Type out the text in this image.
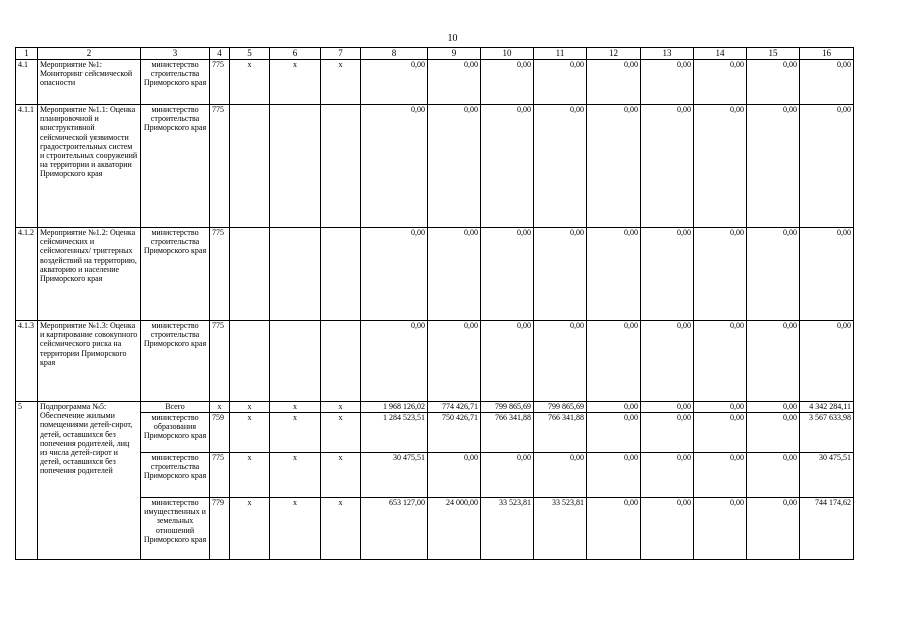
10
1	2	3	4	5	6	7	8	9	10	11	12	13	14	15	16
4.1	Мероприятие №1: Мониторинг сейсмической опасности	министерство строительства Приморского края	775	x	x	x	0,00	0,00	0,00	0,00	0,00	0,00	0,00	0,00	0,00
4.1.1	Мероприятие №1.1: Оценка планировочной и конструктивной сейсмической уязвимости градостроительных систем и строительных сооружений на территории и акватории Приморского края	министерство строительства Приморского края	775				0,00	0,00	0,00	0,00	0,00	0,00	0,00	0,00	0,00
4.1.2	Мероприятие №1.2: Оценка сейсмических и сейсмогенных/ триггерных воздействий на территорию, акваторию и население Приморского края	министерство строительства Приморского края	775				0,00	0,00	0,00	0,00	0,00	0,00	0,00	0,00	0,00
4.1.3	Мероприятие №1.3: Оценка и картирование совокупного сейсмического риска на территории Приморского края	министерство строительства Приморского края	775				0,00	0,00	0,00	0,00	0,00	0,00	0,00	0,00	0,00
5	Подпрограмма №5: Обеспечение жилыми помещениями детей-сирот, детей, оставшихся без попечения родителей, лиц из числа детей-сирот и детей, оставшихся без попечения родителей	Всего	x	x	x	x	1 968 126,02	774 426,71	799 865,69	799 865,69	0,00	0,00	0,00	0,00	4 342 284,11
		министерство образования Приморского края	759	x	x	x	1 284 523,51	750 426,71	766 341,88	766 341,88	0,00	0,00	0,00	0,00	3 567 633,98
		министерство строительства Приморского края	775	x	x	x	30 475,51	0,00	0,00	0,00	0,00	0,00	0,00	0,00	30 475,51
		министерство имущественных и земельных отношений Приморского края	779	x	x	x	653 127,00	24 000,00	33 523,81	33 523,81	0,00	0,00	0,00	0,00	744 174,62
